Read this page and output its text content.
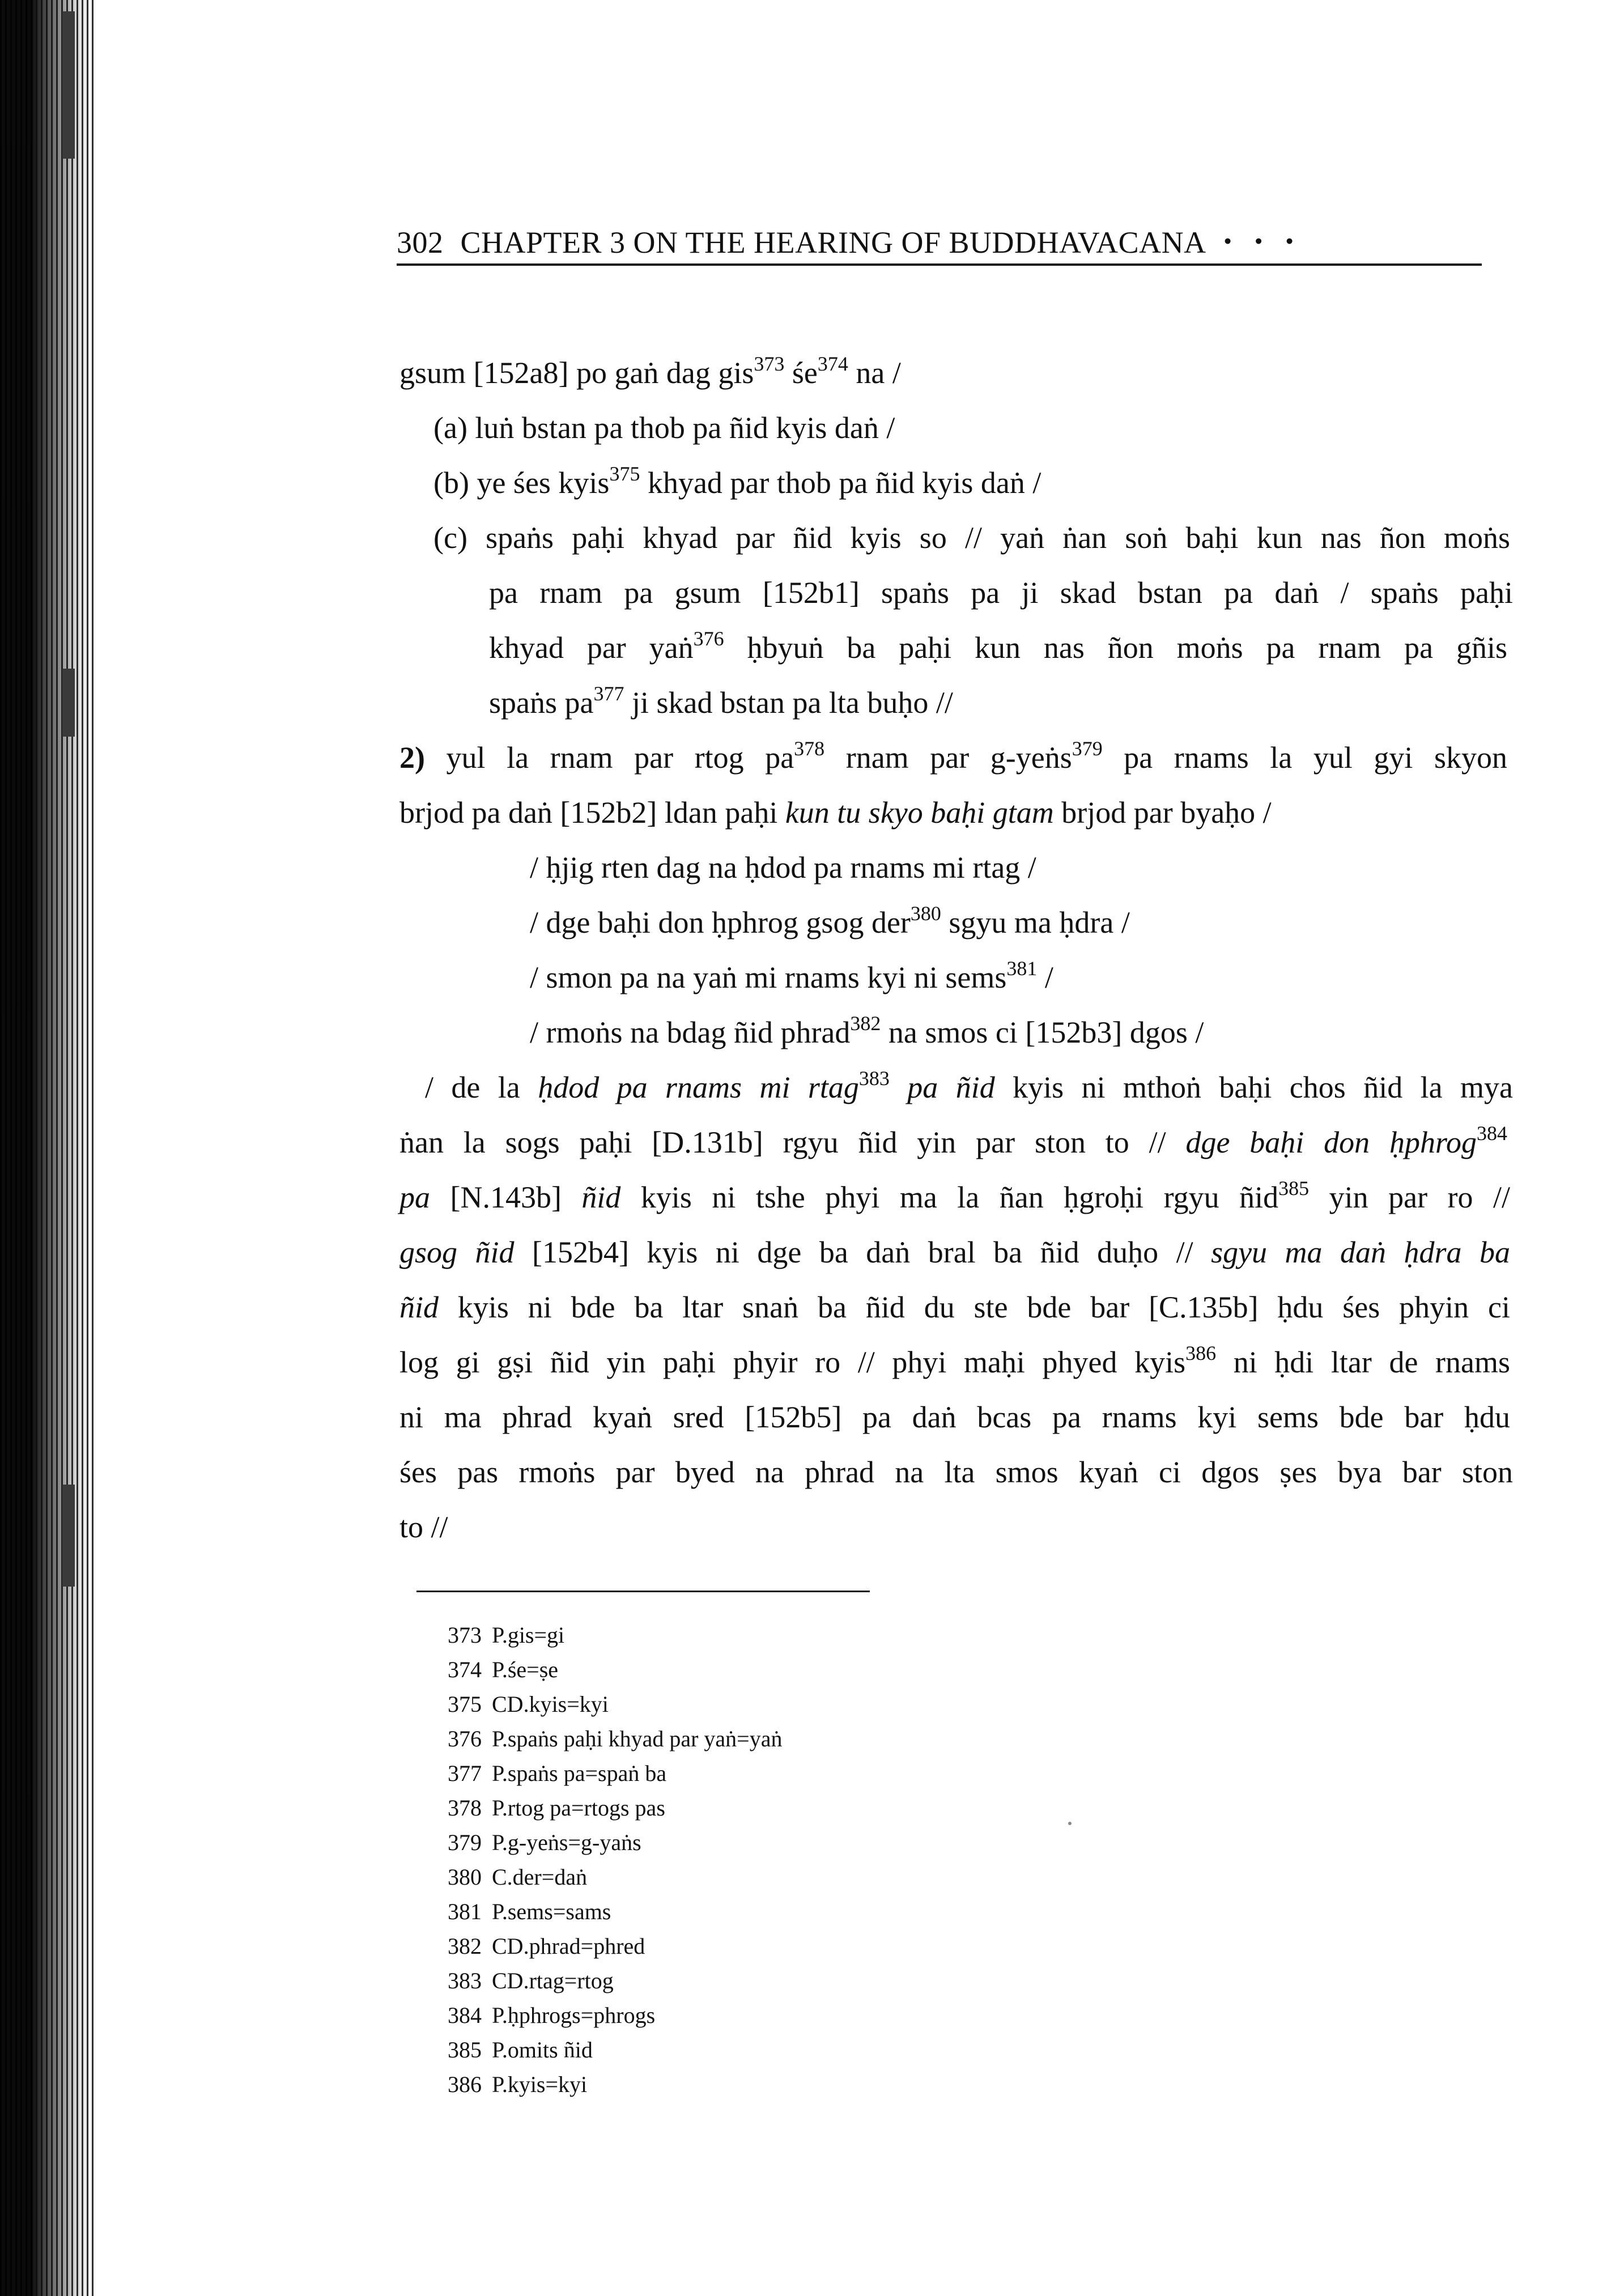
302 CHAPTER 3 ON THE HEARING OF BUDDHAVACANA ・・・
gsum [152a8] po gaṅ dag gis$^{373}$ $śe^{374}$ na /
(a) luṅ bstan pa thob pa ñid kyis daṅ /
(b) ye śes kyis$^{375}$ khyad par thob pa ñid kyis daṅ /
(c) spaṅs paḥi khyad par ñid kyis so // yaṅ ṅan soṅ baḥi kun nas ñon moṅs
pa rnam pa gsum [152b1] spaṅs pa ji skad bstan pa daṅ / spaṅs paḥi
khyad par yaṅ$^{376}$ ḥbyuṅ ba paḥi kun nas ñon moṅs pa rnam pa gñis
spaṅs $pa^{377}$ ji skad bstan pa lta buḥo //
2) yul la rnam par rtog $pa^{378}$ rnam par g-yeṅs$^{379}$ pa rnams la yul gyi skyon
brjod pa daṅ [152b2] ldan paḥi kun tu skyo baḥi gtam brjod par byaḥo /
/ ḥjig rten dag na ḥdod pa rnams mi rtag /
/ dge baḥi don ḥphrog gsog der$^{380}$ sgyu ma ḥdra /
/ smon pa na yaṅ mi rnams kyi ni sems$^{381}$ /
/ rmoṅs na bdag ñid phrad$^{382}$ na smos ci [152b3] dgos /
/ de la ḥdod pa rnams mi rtag$^{383}$ pa ñid kyis ni mthoṅ baḥi chos ñid la mya
ṅan la sogs paḥi [D.131b] rgyu ñid yin par ston to // dge baḥi don ḥphrog$^{384}$
pa [N.143b] ñid kyis ni tshe phyi ma la ñan ḥgroḥi rgyu ñid$^{385}$ yin par ro //
gsog ñid [152b4] kyis ni dge ba daṅ bral ba ñid duḥo // sgyu ma daṅ ḥdra ba
ñid kyis ni bde ba ltar snaṅ ba ñid du ste bde bar [C.135b] ḥdu śes phyin ci
log gi gṣi ñid yin paḥi phyir ro // phyi maḥi phyed kyis$^{386}$ ni ḥdi ltar de rnams
ni ma phrad kyaṅ sred [152b5] pa daṅ bcas pa rnams kyi sems bde bar ḥdu
śes pas rmoṅs par byed na phrad na lta smos kyaṅ ci dgos ṣes bya bar ston
to //
373 P.gis=gi
374 P.śe=ṣe
375 CD.kyis=kyi
376 P.spaṅs paḥi khyad par yaṅ=yaṅ
377 P.spaṅs pa=spaṅ ba
378 P.rtog pa=rtogs pas
379 P.g-yeṅs=g-yaṅs
380 C.der=daṅ
381 P.sems=sams
382 CD.phrad=phred
383 CD.rtag=rtog
384 P.ḥphrogs=phrogs
385 P.omits ñid
386 P.kyis=kyi
